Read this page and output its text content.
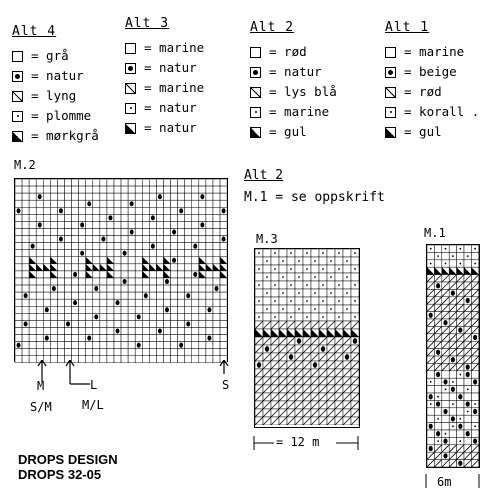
Alt 4
= grå
= natur
= lyng
= plomme
= mørkgrå
Alt 3
= marine
= natur
= marine
= natur
= natur
Alt 2
= rød
= natur
= lys blå
= marine
= gul
Alt 1
= marine
= beige
= rød
= korall .
= gul
M.2
M
S/M
L
M/L
S
Alt 2
M.1 = se oppskrift
M.3
= 12 m
M.1
6m
DROPS DESIGN
DROPS 32-05
